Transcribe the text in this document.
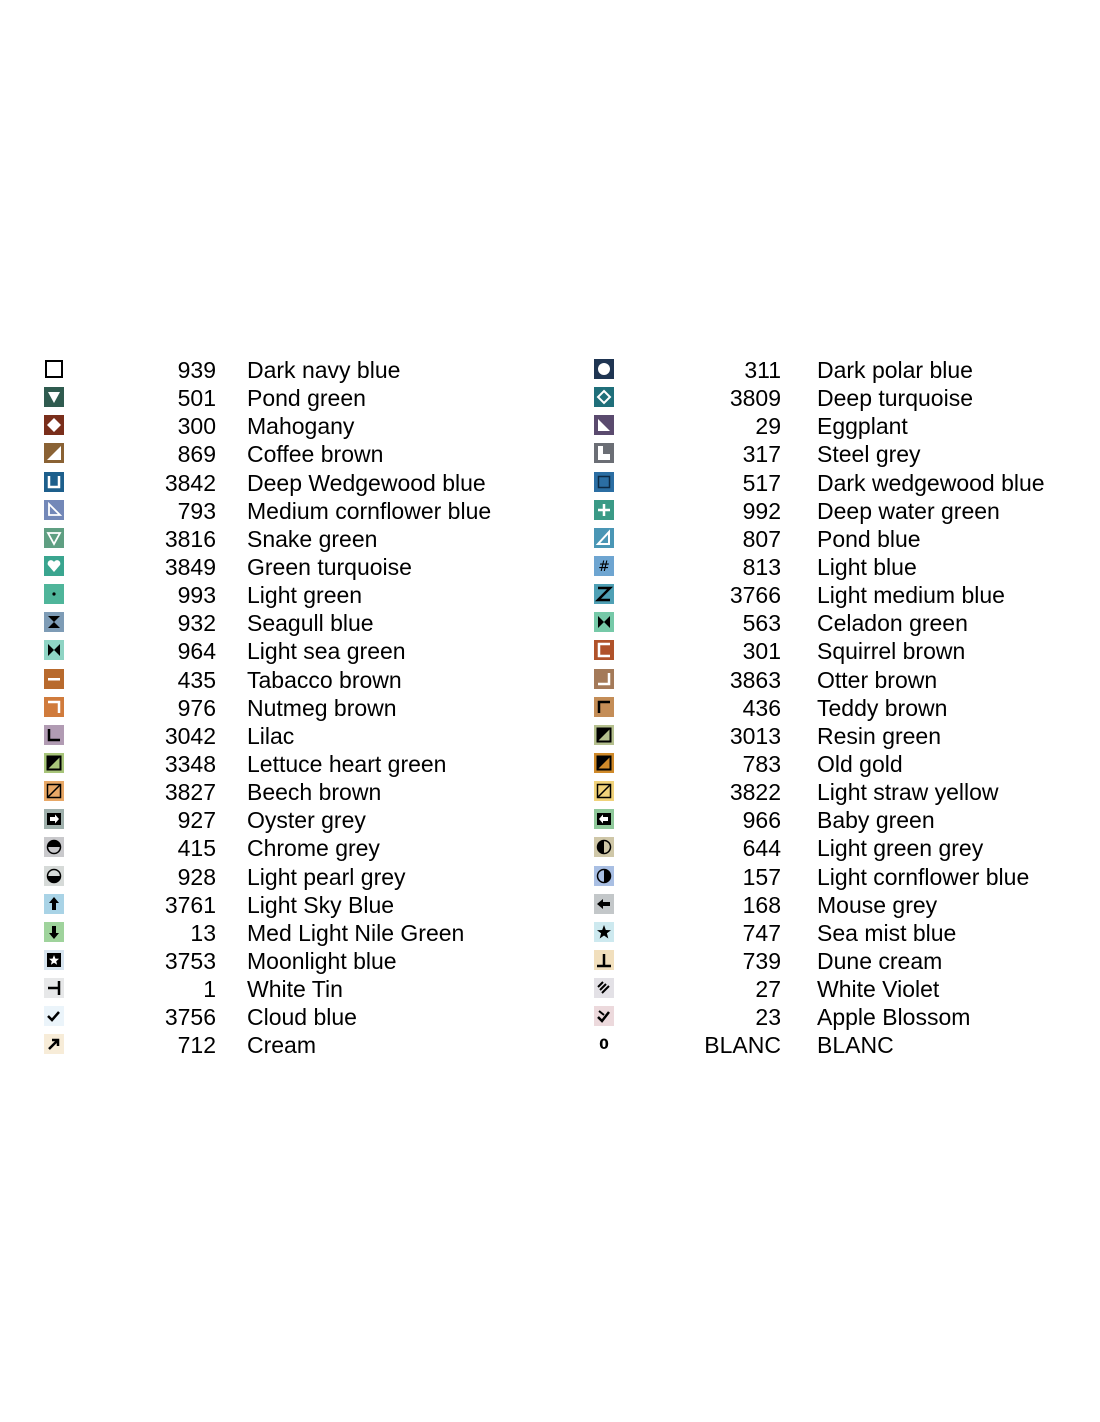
939 Dark navy blue
501 Pond green
300 Mahogany
869 Coffee brown
3842 Deep Wedgewood blue
793 Medium cornflower blue
3816 Snake green
3849 Green turquoise
993 Light green
932 Seagull blue
964 Light sea green
435 Tabacco brown
976 Nutmeg brown
3042 Lilac
3348 Lettuce heart green
3827 Beech brown
927 Oyster grey
415 Chrome grey
928 Light pearl grey
3761 Light Sky Blue
13 Med Light Nile Green
3753 Moonlight blue
1 White Tin
3756 Cloud blue
712 Cream
311 Dark polar blue
3809 Deep turquoise
29 Eggplant
317 Steel grey
517 Dark wedgewood blue
992 Deep water green
807 Pond blue
#	813 Light blue
3766 Light medium blue
563 Celadon green
301 Squirrel brown
3863 Otter brown
436 Teddy brown
3013 Resin green
783 Old gold
3822 Light straw yellow
966 Baby green
644 Light green grey
157 Light cornflower blue
168 Mouse grey
747 Sea mist blue
739 Dune cream
27 White Violet
23 Apple Blossom
0	BLANC BLANC
